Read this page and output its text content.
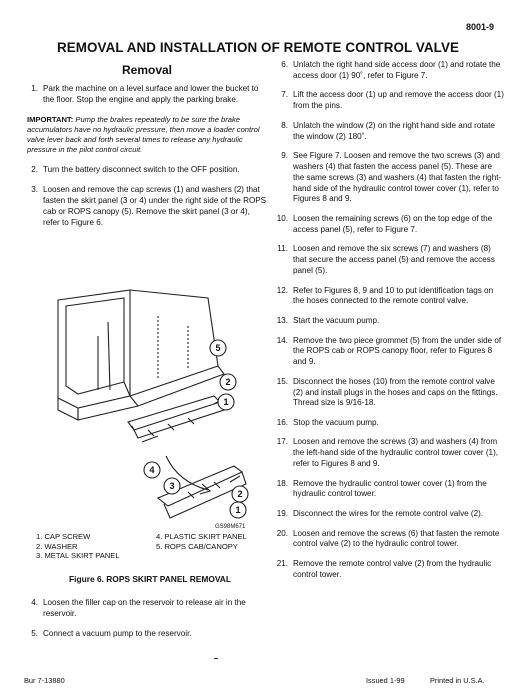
8001-9
REMOVAL AND INSTALLATION OF REMOTE CONTROL VALVE
Removal
1. Park the machine on a level surface and lower the bucket to the floor. Stop the engine and apply the parking brake.
IMPORTANT: Pump the brakes repeatedly to be sure the brake accumulators have no hydraulic pressure, then move a loader control valve lever back and forth several times to release any hydraulic pressure in the pilot control circuit.
2. Turn the battery disconnect switch to the OFF position.
3. Loosen and remove the cap screws (1) and washers (2) that fasten the skirt panel (3 or 4) under the right side of the ROPS cab or ROPS canopy (5). Remove the skirt panel (3 or 4), refer to Figure 6.
5
2
1
4
3
2
1
GS98M671
1. CAP SCREW	4. PLASTIC SKIRT PANEL
2. WASHER	5. ROPS CAB/CANOPY
3. METAL SKIRT PANEL
Figure 6. ROPS SKIRT PANEL REMOVAL
4. Loosen the filler cap on the reservoir to release air in the reservoir.
5. Connect a vacuum pump to the reservoir.
6. Unlatch the right hand side access door (1) and rotate the access door (1) 90˚, refer to Figure 7.
7. Lift the access door (1) up and remove the access door (1) from the pins.
8. Unlatch the window (2) on the right hand side and rotate the window (2) 180˚.
9. See Figure 7. Loosen and remove the two screws (3) and washers (4) that fasten the access panel (5). These are the same screws (3) and washers (4) that fasten the right-hand side of the hydraulic control tower cover (1), refer to Figures 8 and 9.
10. Loosen the remaining screws (6) on the top edge of the access panel (5), refer to Figure 7.
11. Loosen and remove the six screws (7) and washers (8) that secure the access panel (5) and remove the access panel (5).
12. Refer to Figures 8, 9 and 10 to put identification tags on the hoses connected to the remote control valve.
13. Start the vacuum pump.
14. Remove the two piece grommet (5) from the under side of the ROPS cab or ROPS canopy floor, refer to Figures 8 and 9.
15. Disconnect the hoses (10) from the remote control valve (2) and install plugs in the hoses and caps on the fittings. Thread size is 9/16-18.
16. Stop the vacuum pump.
17. Loosen and remove the screws (3) and washers (4) from the left-hand side of the hydraulic control tower cover (1), refer to Figures 8 and 9.
18. Remove the hydraulic control tower cover (1) from the hydraulic control tower.
19. Disconnect the wires for the remote control valve (2).
20. Loosen and remove the screws (6) that fasten the remote control valve (2) to the hydraulic control tower.
21. Remove the remote control valve (2) from the hydraulic control tower.
Bur 7-13880	Issued 1-99	Printed in U.S.A.
